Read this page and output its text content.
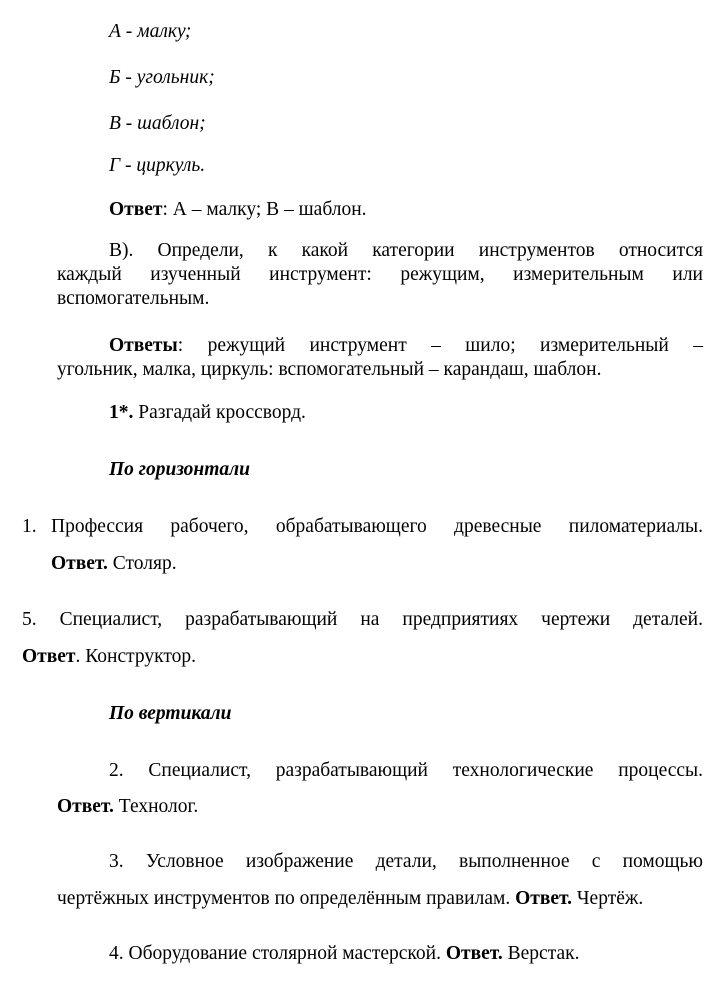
А - малку;
Б - угольник;
В - шаблон;
Г - циркуль.
Ответ: А – малку; В – шаблон.
В). Определи, к какой категории инструментов относится
каждый изученный инструмент: режущим, измерительным или
вспомогательным.
Ответы: режущий инструмент – шило; измерительный –
угольник, малка, циркуль: вспомогательный – карандаш, шаблон.
1*. Разгадай кроссворд.
По горизонтали
1. Профессия рабочего, обрабатывающего древесные пиломатериалы.
Ответ. Столяр.
5. Специалист, разрабатывающий на предприятиях чертежи деталей.
Ответ. Конструктор.
По вертикали
2. Специалист, разрабатывающий технологические процессы.
Ответ. Технолог.
3. Условное изображение детали, выполненное с помощью
чертёжных инструментов по определённым правилам. Ответ. Чертёж.
4. Оборудование столярной мастерской. Ответ. Верстак.
